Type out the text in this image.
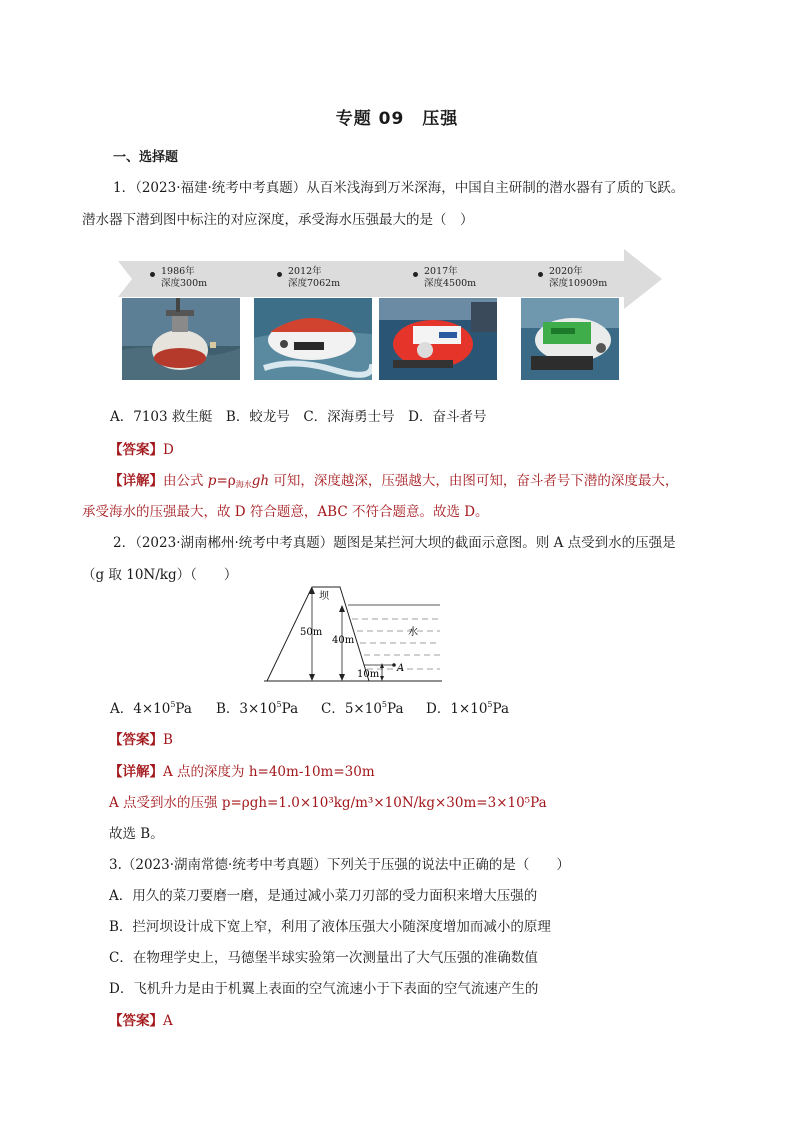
专题 09　压强
一、选择题
1．（2023·福建·统考中考真题）从百米浅海到万米深海，中国自主研制的潜水器有了质的飞跃。
潜水器下潜到图中标注的对应深度，承受海水压强最大的是（　）
1986年
深度300m
2012年
深度7062m
2017年
深度4500m
2020年
深度10909m
A．7103 救生艇　B．蛟龙号　C．深海勇士号　D．奋斗者号
【答案】D
【详解】由公式 $p=\rho_{海水}gh$ 可知，深度越深，压强越大，由图可知，奋斗者号下潜的深度最大，
承受海水的压强最大，故 D 符合题意，ABC 不符合题意。故选 D。
2．（2023·湖南郴州·统考中考真题）题图是某拦河大坝的截面示意图。则 A 点受到水的压强是
（g 取 10N/kg）（　　）
坝
水
50m
40m
10m
A
A．$4\times 10^5Pa$ B．$3\times 10^5Pa$ C．$5\times 10^5Pa$ D．$1\times 10^5Pa$
【答案】B
【详解】A 点的深度为 h=40m-10m=30m
A 点受到水的压强 p=ρgh=1.0×10³kg/m³×10N/kg×30m=3×10⁵Pa
故选 B。
3.（2023·湖南常德·统考中考真题）下列关于压强的说法中正确的是（　　）
A．用久的菜刀要磨一磨，是通过减小菜刀刃部的受力面积来增大压强的
B．拦河坝设计成下宽上窄，利用了液体压强大小随深度增加而减小的原理
C．在物理学史上，马德堡半球实验第一次测量出了大气压强的准确数值
D．飞机升力是由于机翼上表面的空气流速小于下表面的空气流速产生的
【答案】A
